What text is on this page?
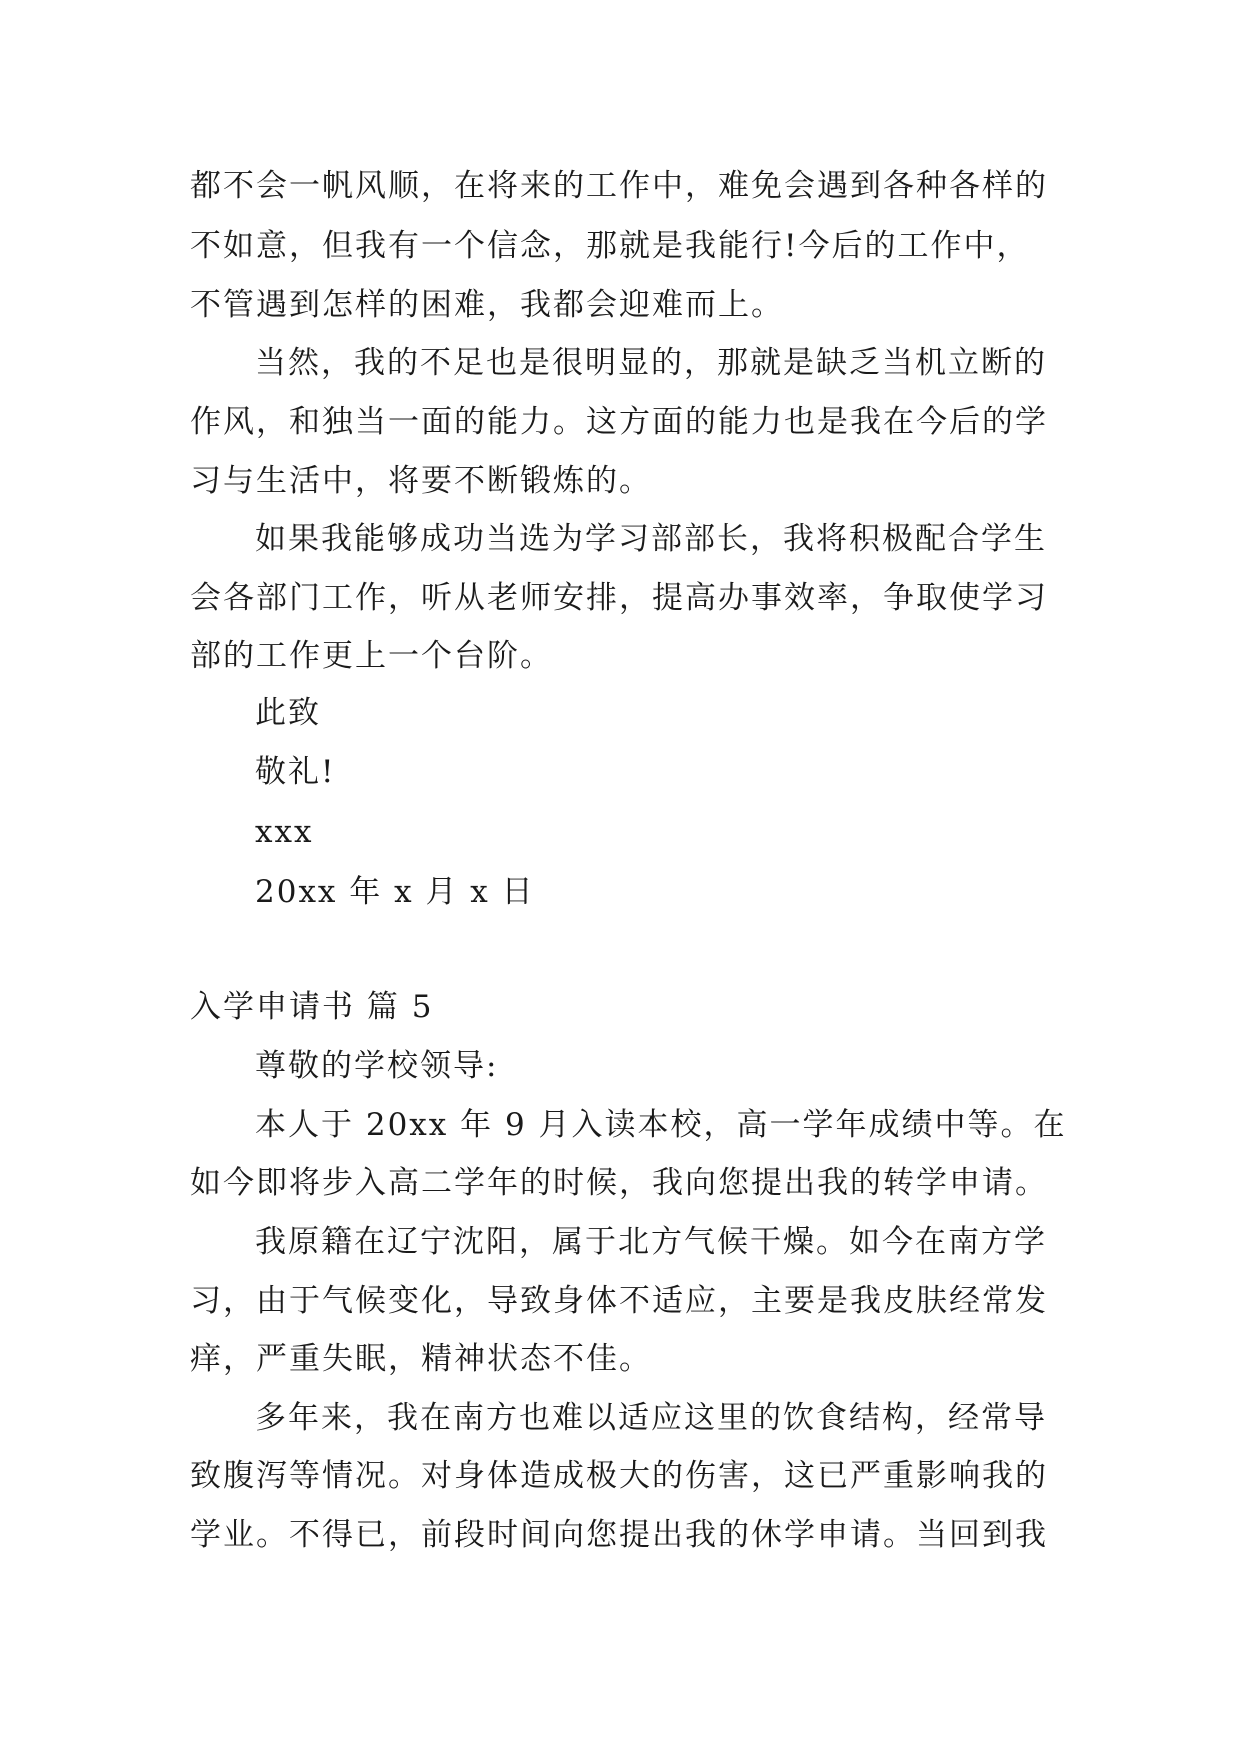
都不会一帆风顺，在将来的工作中，难免会遇到各种各样的
不如意，但我有一个信念，那就是我能行!今后的工作中，
不管遇到怎样的困难，我都会迎难而上。
当然，我的不足也是很明显的，那就是缺乏当机立断的
作风，和独当一面的能力。这方面的能力也是我在今后的学
习与生活中，将要不断锻炼的。
如果我能够成功当选为学习部部长，我将积极配合学生
会各部门工作，听从老师安排，提高办事效率，争取使学习
部的工作更上一个台阶。
此致
敬礼!
xxx
20xx 年 x 月 x 日
入学申请书 篇 5
尊敬的学校领导:
本人于 20xx 年 9 月入读本校，高一学年成绩中等。在
如今即将步入高二学年的时候，我向您提出我的转学申请。
我原籍在辽宁沈阳，属于北方气候干燥。如今在南方学
习，由于气候变化，导致身体不适应，主要是我皮肤经常发
痒，严重失眠，精神状态不佳。
多年来，我在南方也难以适应这里的饮食结构，经常导
致腹泻等情况。对身体造成极大的伤害，这已严重影响我的
学业。不得已，前段时间向您提出我的休学申请。当回到我
